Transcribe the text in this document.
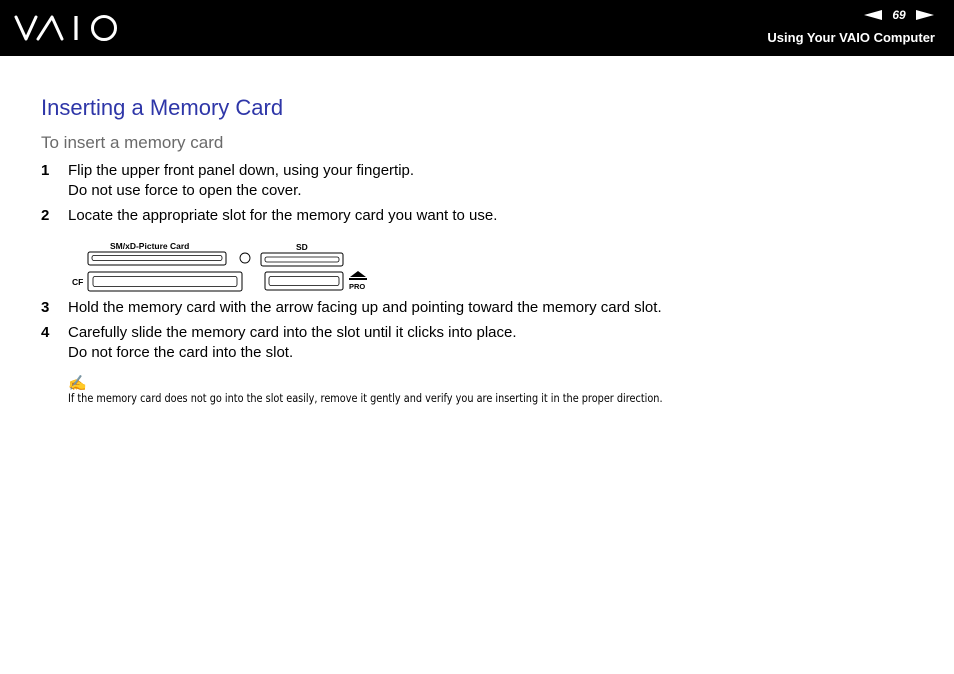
69
Using Your VAIO Computer
Inserting a Memory Card
To insert a memory card
1 Flip the upper front panel down, using your fingertip.
Do not use force to open the cover.
2 Locate the appropriate slot for the memory card you want to use.
SM/xD-Picture Card	SD
CF	PRO
3 Hold the memory card with the arrow facing up and pointing toward the memory card slot.
4 Carefully slide the memory card into the slot until it clicks into place.
Do not force the card into the slot.
✍

If the memory card does not go into the slot easily, remove it gently and verify you are inserting it in the proper direction.
